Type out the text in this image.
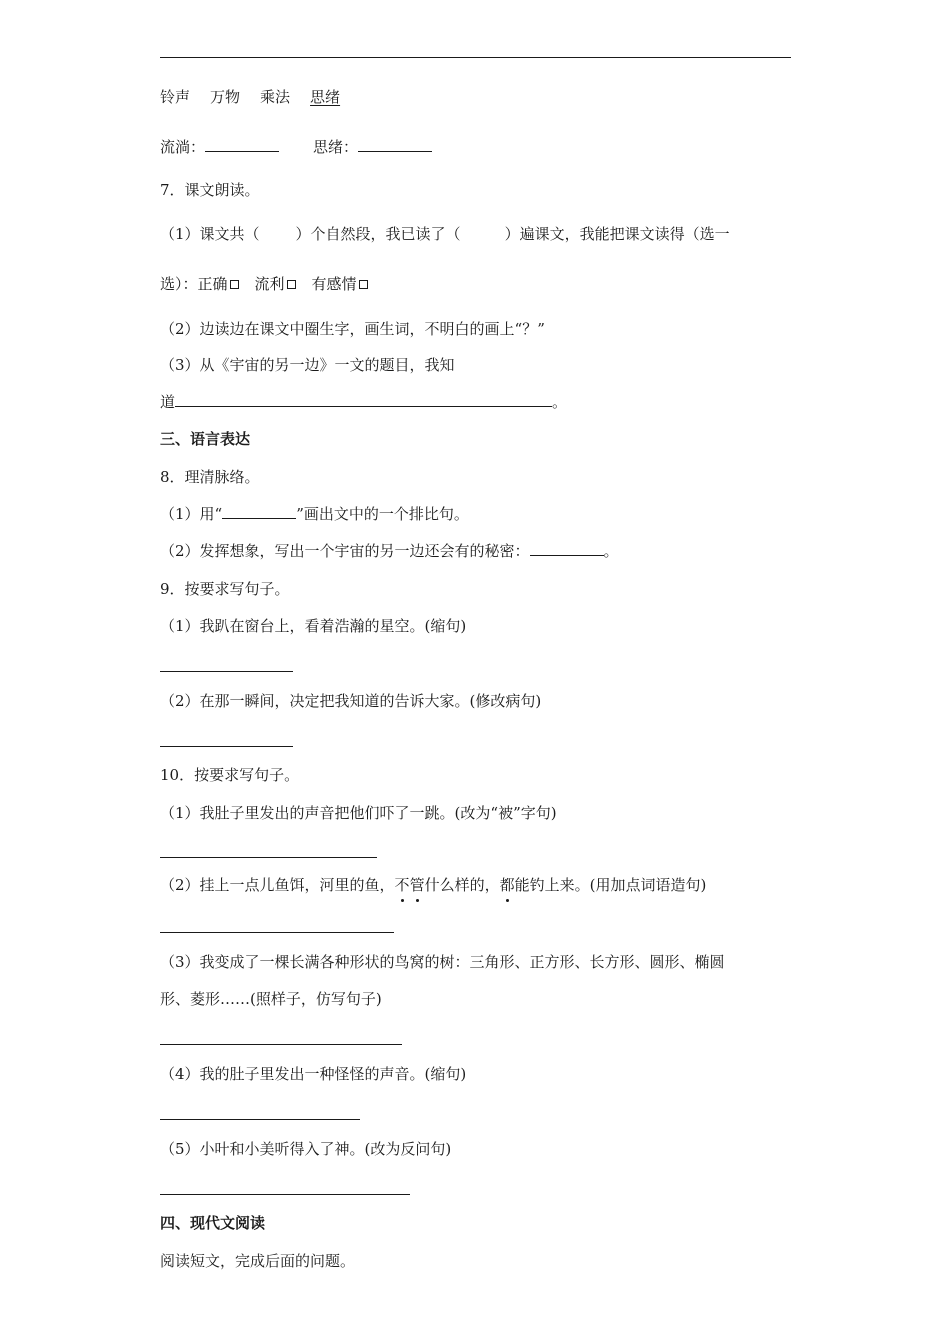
铃声 万物 乘法 思绪
流淌：	思绪：
7．课文朗读。
（1）课文共（ ）个自然段，我已读了（	）遍课文，我能把课文读得（选一
选）：正确 流利 有感情
（2）边读边在课文中圈生字，画生词，不明白的画上“？”
（3）从《宇宙的另一边》一文的题目，我知
道	。
三、语言表达
8．理清脉络。
（1）用“	”画出文中的一个排比句。
（2）发挥想象，写出一个宇宙的另一边还会有的秘密：	。
9．按要求写句子。
（1）我趴在窗台上，看着浩瀚的星空。(缩句)
（2）在那一瞬间，决定把我知道的告诉大家。(修改病句)
10．按要求写句子。
（1）我肚子里发出的声音把他们吓了一跳。(改为“被”字句)
（2）挂上一点儿鱼饵，河里的鱼，不管什么样的，都能钓上来。(用加点词语造句)
（3）我变成了一棵长满各种形状的鸟窝的树：三角形、正方形、长方形、圆形、椭圆
形、菱形……(照样子，仿写句子)
（4）我的肚子里发出一种怪怪的声音。(缩句)
（5）小叶和小美听得入了神。(改为反问句)
四、现代文阅读
阅读短文，完成后面的问题。
